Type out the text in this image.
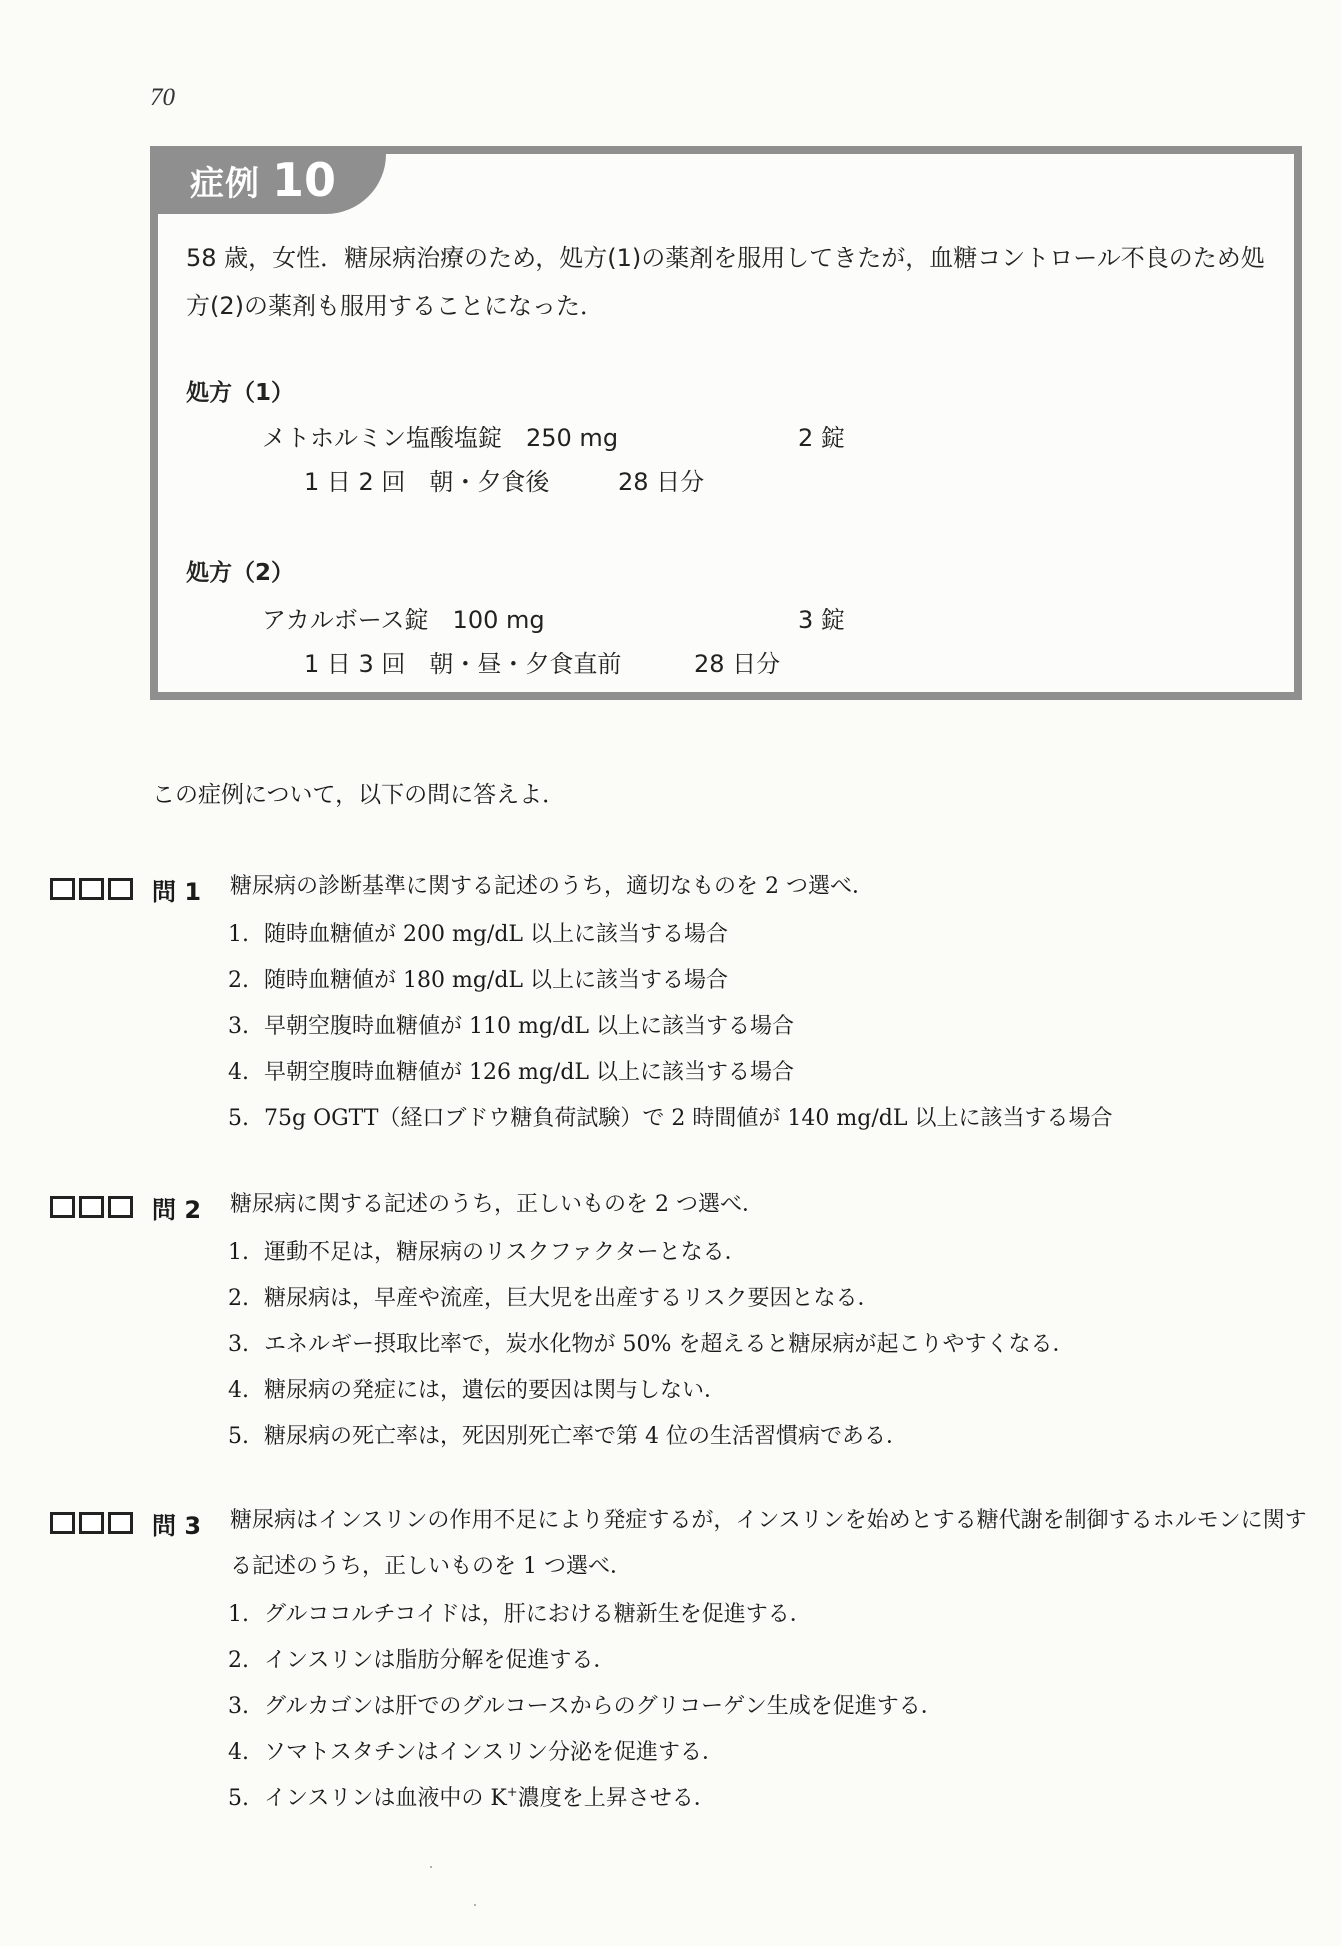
70
症例 10
58 歳，女性．糖尿病治療のため，処方(1)の薬剤を服用してきたが，血糖コントロール不良のため処方(2)の薬剤も服用することになった．
処方（1）
メトホルミン塩酸塩錠　250 mg	2 錠
1 日 2 回　朝・夕食後	28 日分
処方（2）
アカルボース錠　100 mg	3 錠
1 日 3 回　朝・昼・夕食直前	28 日分
この症例について，以下の問に答えよ．
問 1 糖尿病の診断基準に関する記述のうち，適切なものを 2 つ選べ．
1. 随時血糖値が 200 mg/dL 以上に該当する場合
2. 随時血糖値が 180 mg/dL 以上に該当する場合
3. 早朝空腹時血糖値が 110 mg/dL 以上に該当する場合
4. 早朝空腹時血糖値が 126 mg/dL 以上に該当する場合
5. 75g OGTT（経口ブドウ糖負荷試験）で 2 時間値が 140 mg/dL 以上に該当する場合
問 2 糖尿病に関する記述のうち，正しいものを 2 つ選べ．
1. 運動不足は，糖尿病のリスクファクターとなる．
2. 糖尿病は，早産や流産，巨大児を出産するリスク要因となる．
3. エネルギー摂取比率で，炭水化物が 50% を超えると糖尿病が起こりやすくなる．
4. 糖尿病の発症には，遺伝的要因は関与しない．
5. 糖尿病の死亡率は，死因別死亡率で第 4 位の生活習慣病である．
問 3 糖尿病はインスリンの作用不足により発症するが，インスリンを始めとする糖代謝を制御するホルモンに関する記述のうち，正しいものを 1 つ選べ．
1. グルココルチコイドは，肝における糖新生を促進する．
2. インスリンは脂肪分解を促進する．
3. グルカゴンは肝でのグルコースからのグリコーゲン生成を促進する．
4. ソマトスタチンはインスリン分泌を促進する．
5. インスリンは血液中の K+濃度を上昇させる．
